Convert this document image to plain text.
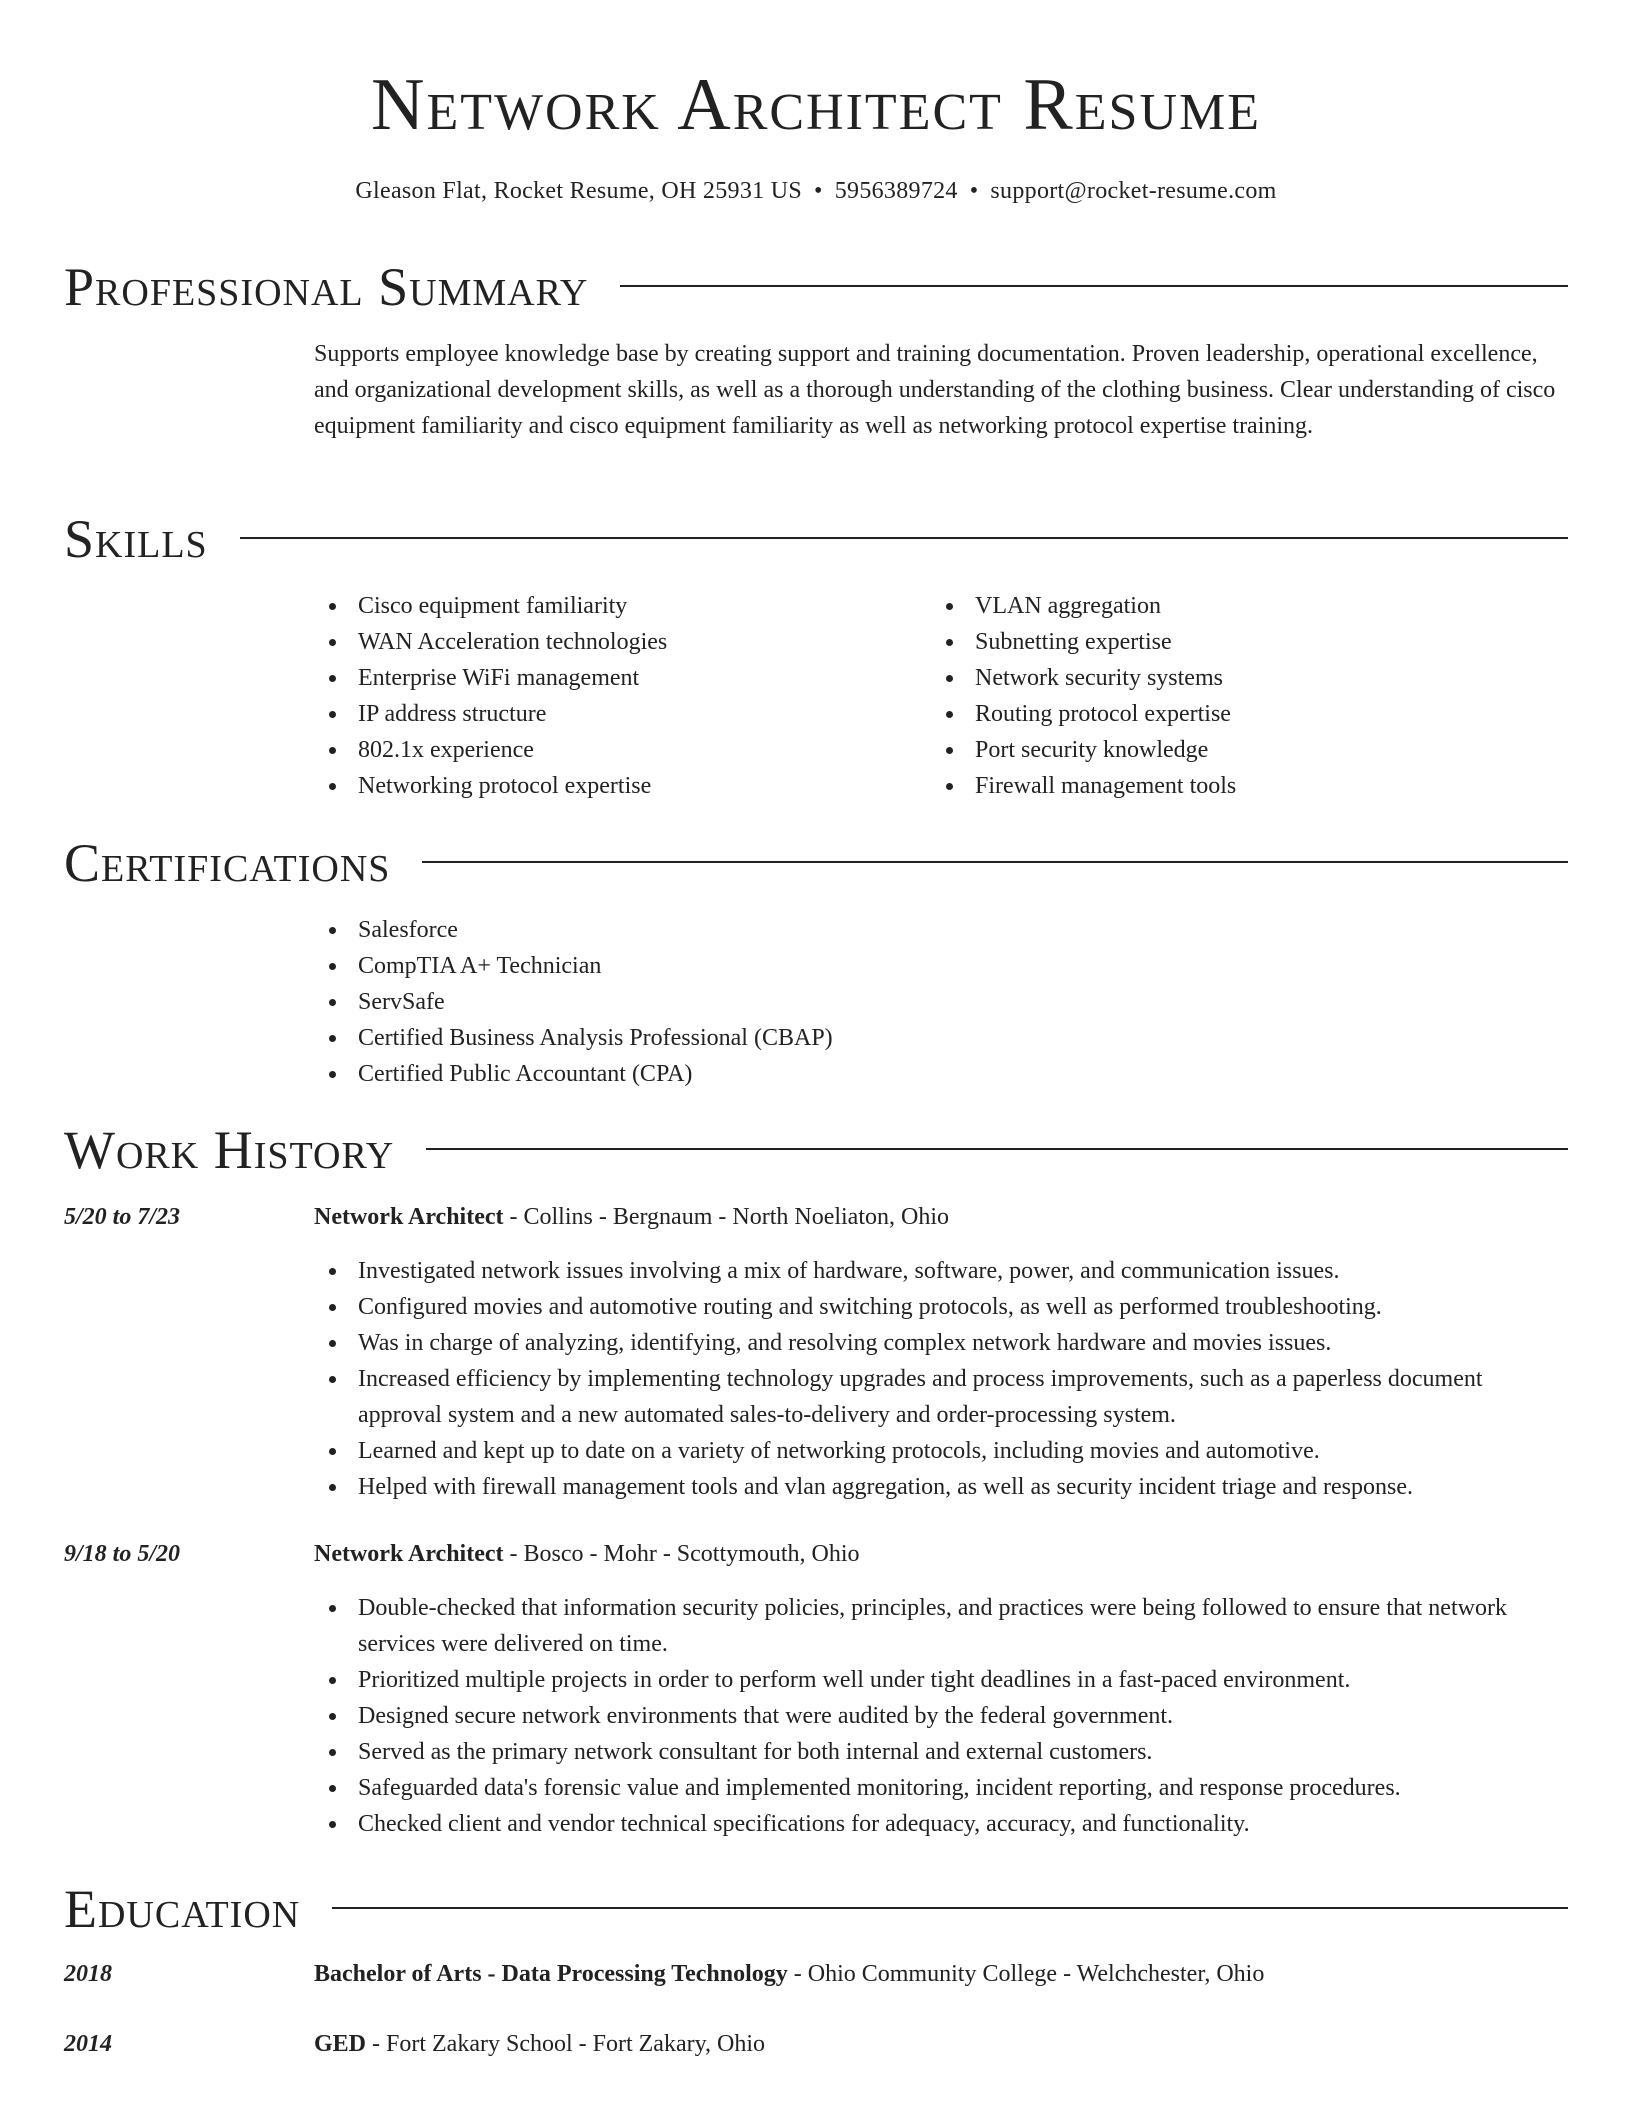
Network Architect Resume
Gleason Flat, Rocket Resume, OH 25931 US • 5956389724 • support@rocket-resume.com
Professional Summary
Supports employee knowledge base by creating support and training documentation. Proven leadership, operational excellence, and organizational development skills, as well as a thorough understanding of the clothing business. Clear understanding of cisco equipment familiarity and cisco equipment familiarity as well as networking protocol expertise training.
Skills
Cisco equipment familiarity
WAN Acceleration technologies
Enterprise WiFi management
IP address structure
802.1x experience
Networking protocol expertise
VLAN aggregation
Subnetting expertise
Network security systems
Routing protocol expertise
Port security knowledge
Firewall management tools
Certifications
Salesforce
CompTIA A+ Technician
ServSafe
Certified Business Analysis Professional (CBAP)
Certified Public Accountant (CPA)
Work History
5/20 to 7/23	Network Architect - Collins - Bergnaum - North Noeliaton, Ohio
Investigated network issues involving a mix of hardware, software, power, and communication issues.
Configured movies and automotive routing and switching protocols, as well as performed troubleshooting.
Was in charge of analyzing, identifying, and resolving complex network hardware and movies issues.
Increased efficiency by implementing technology upgrades and process improvements, such as a paperless document approval system and a new automated sales-to-delivery and order-processing system.
Learned and kept up to date on a variety of networking protocols, including movies and automotive.
Helped with firewall management tools and vlan aggregation, as well as security incident triage and response.
9/18 to 5/20	Network Architect - Bosco - Mohr - Scottymouth, Ohio
Double-checked that information security policies, principles, and practices were being followed to ensure that network services were delivered on time.
Prioritized multiple projects in order to perform well under tight deadlines in a fast-paced environment.
Designed secure network environments that were audited by the federal government.
Served as the primary network consultant for both internal and external customers.
Safeguarded data's forensic value and implemented monitoring, incident reporting, and response procedures.
Checked client and vendor technical specifications for adequacy, accuracy, and functionality.
Education
2018	Bachelor of Arts - Data Processing Technology - Ohio Community College - Welchchester, Ohio
2014	GED - Fort Zakary School - Fort Zakary, Ohio
